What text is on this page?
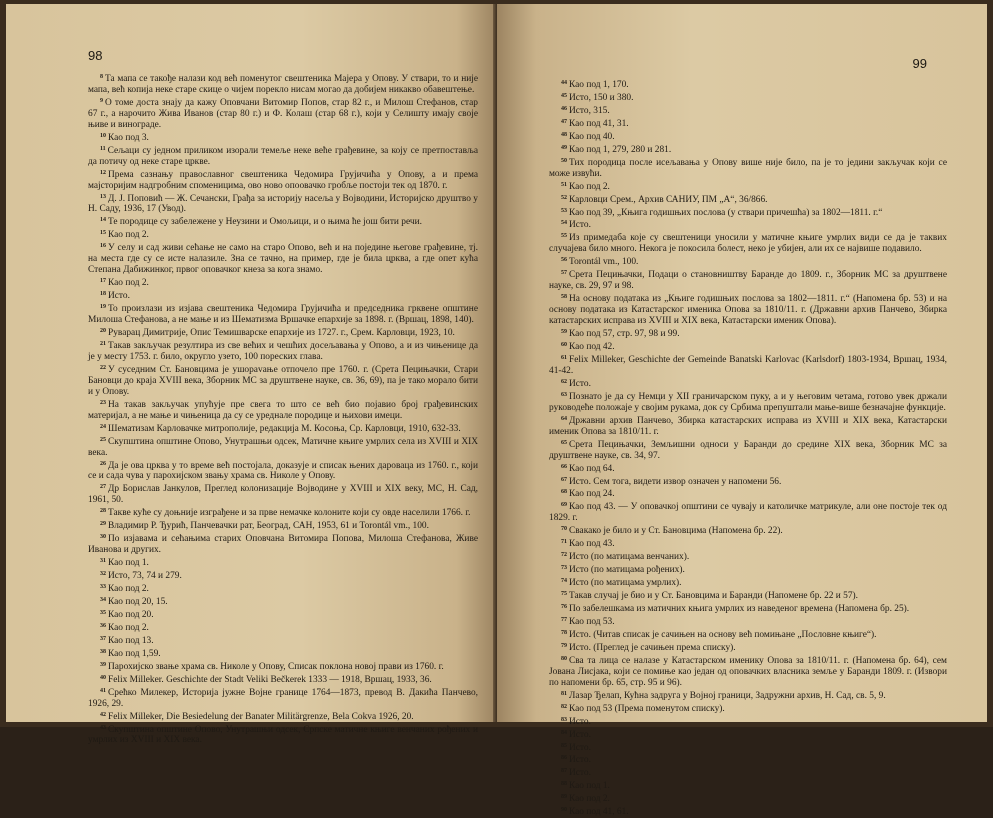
98

$^8$ Та мапа се такође налази код већ поменутог свештеника Мајера у Опову. У ствари, то и није мапа, већ копија неке старе скице о чијем порекло нисам могао да добијем никакво обавештење.

$^9$ О томе доста знају да кажу Оповчани Витомир Попов, стар 82 г., и Милош Стефанов, стар 67 г., а нарочито Жива Иванов (стар 80 г.) и Ф. Колаш (стар 68 г.), који у Селишту имају своје њиве и винограде.

$^{10}$ Као под 3.

$^{11}$ Сељаци су једном приликом изорали темеље неке веће грађевине, за коју се претпоставља да потичу од неке старе цркве.

$^{12}$ Према сазнању православног свештеника Чедомира Грујичића у Опову, а и према мајсторијим надгробним споменицима, ово ново опоовачко гробље постоји тек од 1870. г.

$^{13}$ Д. Ј. Поповић — Ж. Сечански, Грађа за историју насеља у Војводини, Историјско друштво у Н. Саду, 1936, 17 (Увод).

$^{14}$ Те породице су забележене у Неузини и Омољици, и о њима ће још бити речи.

$^{15}$ Као под 2.

$^{16}$ У селу и сад живи сећање не само на старо Опово, већ и на поједине његове грађевине, тј. на места где су се исте налазиле. Зна се тачно, на пример, где је била црква, а где опет кућа Степана Дабижинког, првог оповачког кнеза за кога знамо.

$^{17}$ Као под 2.

$^{18}$ Исто.

$^{19}$ То произлази из изјава свештеника Чедомира Грујичића и председника грквене општине Милоша Стефанова, а не мање и из Шематизма Вршачке епархије за 1898. г. (Вршац, 1898, 140).

$^{20}$ Руварац Димитрије, Опис Темишварске епархије из 1727. г., Срем. Карловци, 1923, 10.

$^{21}$ Такав закључак резултира из све већих и чешћих досељавања у Опово, а и из чињенице да је у месту 1753. г. било, округло узето, 100 пореских глава.

$^{22}$ У суседним Ст. Бановцима је ушорavање отпочело пре 1760. г. (Срета Пецињачки, Стари Бановци до краја XVIII века, Зборник МС за друштвене науке, св. 36, 69), па је тако морало бити и у Опову.

$^{23}$ На такав закључак упућује пре свега то што се већ био појавио број грађевинских материјал, а не мање и чињеница да су се уреднале породице и њихови имеци.

$^{24}$ Шематизам Карловачке митрополије, редакција М. Косоња, Ср. Карловци, 1910, 632-33.

$^{25}$ Скупштина општине Опово, Унутрашњи одсек, Матичне књиге умрлих села из XVIII и XIX века.

$^{26}$ Да је ова црква у то време већ постојала, доказује и списак њених дароваца из 1760. г., који се и сада чува у парохијском звању храма св. Николе у Опову.

$^{27}$ Др Борислав Јанкулов, Преглед колонизације Војводине у XVIII и XIX веку, МС, Н. Сад, 1961, 50.

$^{28}$ Такве куће су доњније изграђене и за прве немачке колоните који су овде населили 1766. г.

$^{29}$ Владимир Р. Ђурић, Панчевачки рат, Београд, САН, 1953, 61 и Torontál vm., 100.

$^{30}$ По изјавама и сећањима старих Оповчана Витомира Попова, Милоша Стефанова, Живе Иванова и других.

$^{31}$ Као под 1.

$^{32}$ Исто, 73, 74 и 279.

$^{33}$ Као под 2.

$^{34}$ Као под 20, 15.

$^{35}$ Као под 20.

$^{36}$ Као под 2.

$^{37}$ Као под 13.

$^{38}$ Као под 1,59.

$^{39}$ Парохијско звање храма св. Николе у Опову, Списак поклона новој прави из 1760. г.

$^{40}$ Felix Milleker. Geschichte der Stadt Veliki Bečkerek 1333 — 1918, Вршац, 1933, 36.

$^{41}$ Срећко Милекер, Историја јужне Војне границе 1764—1873, превод В. Дакића Панчево, 1926, 29.

$^{42}$ Felix Milleker, Die Besiedelung der Banater Militärgrenze, Bela Cokva 1926, 20.

$^{43}$ Скупштина општине Опово, Унутрашњи одсек, Српске матичне књиге венчаних рођених и умрлих из XVIII и XIX века.

99

$^{44}$ Као под 1, 170.

$^{45}$ Исто, 150 и 380.

$^{46}$ Исто, 315.

$^{47}$ Као под 41, 31.

$^{48}$ Као под 40.

$^{49}$ Као под 1, 279, 280 и 281.

$^{50}$ Тих породица после исељавања у Опову више није било, па је то једини закључак који се може извући.

$^{51}$ Као под 2.

$^{52}$ Карловци Срем., Архив САНИУ, ПМ „А“, 36/866.

$^{53}$ Као под 39, „Књига годишњих послова (у ствари причешћа) за 1802—1811. г.“

$^{54}$ Исто.

$^{55}$ Из примедаба које су свештеници уносили у матичне књиге умрлих види се да је таквих случајева било много. Некога је покосила болест, неко је убијен, али их се највише подавило.

$^{56}$ Torontál vm., 100.

$^{57}$ Срета Пецињачки, Подаци о становништву Баранде до 1809. г., Зборник МС за друштвене науке, св. 29, 97 и 98.

$^{58}$ На основу података из „Књиге годишњих послова за 1802—1811. г.“ (Напомена бр. 53) и на основу података из Катастарског именика Опова за 1810/11. г. (Државни архив Панчево, Збирка катастарских исправа из XVIII и XIX века, Катастарски именик Опова).

$^{59}$ Као под 57, стр. 97, 98 и 99.

$^{60}$ Као под 42.

$^{61}$ Felix Milleker, Geschichte der Gemeinde Banatski Karlovac (Karlsdorf) 1803-1934, Вршац, 1934, 41-42.

$^{62}$ Исто.

$^{63}$ Познато је да су Немци у XII граничарском пуку, а и у његовим четама, готово увек држали руководеће положаје у својим рукама, док су Србима препуштали мање-више безначајне функције.

$^{64}$ Државни архив Панчево, Збирка катастарских исправа из XVIII и XIX века, Катастарски именик Опова за 1810/11. г.

$^{65}$ Срета Пецињачки, Земљишни односи у Баранди до средине XIX века, Зборник МС за друштвене науке, св. 34, 97.

$^{66}$ Као под 64.

$^{67}$ Исто. Сем тога, видети извор означен у напомени 56.

$^{68}$ Као под 24.

$^{69}$ Као под 43. — У оповачкој општини се чувају и католичке матрикуле, али оне постоје тек од 1829. г.

$^{70}$ Свакако је било и у Ст. Бановцима (Напомена бр. 22).

$^{71}$ Као под 43.

$^{72}$ Исто (по матицама венчаних).

$^{73}$ Исто (по матицама рођених).

$^{74}$ Исто (по матицама умрлих).

$^{75}$ Такав случај је био и у Ст. Бановцима и Баранди (Напомене бр. 22 и 57).

$^{76}$ По забелешкама из матичних књига умрлих из наведеног времена (Напомена бр. 25).

$^{77}$ Као под 53.

$^{78}$ Исто. (Читав списак је сачињен на основу већ помињане „Пословне књиге“).

$^{79}$ Исто. (Преглед је сачињен према списку).

$^{80}$ Сва та лица се налазе у Катастарском именику Опова за 1810/11. г. (Напомена бр. 64), сем Јована Лисјака, који се помиње као један од оповачких власника земље у Баранди 1809. г. (Извори по напомени бр. 65, стр. 95 и 96).

$^{81}$ Лазар Ђелап, Кућна задруга у Војној граници, Задружни архив, Н. Сад, св. 5, 9.

$^{82}$ Као под 53 (Према поменутом списку).

$^{83}$ Исто.

$^{84}$ Исто.

$^{85}$ Исто.

$^{86}$ Исто.

$^{87}$ Исто.

$^{88}$ Као под 1.

$^{89}$ Као под 2.

$^{90}$ Као под 41, 61.
